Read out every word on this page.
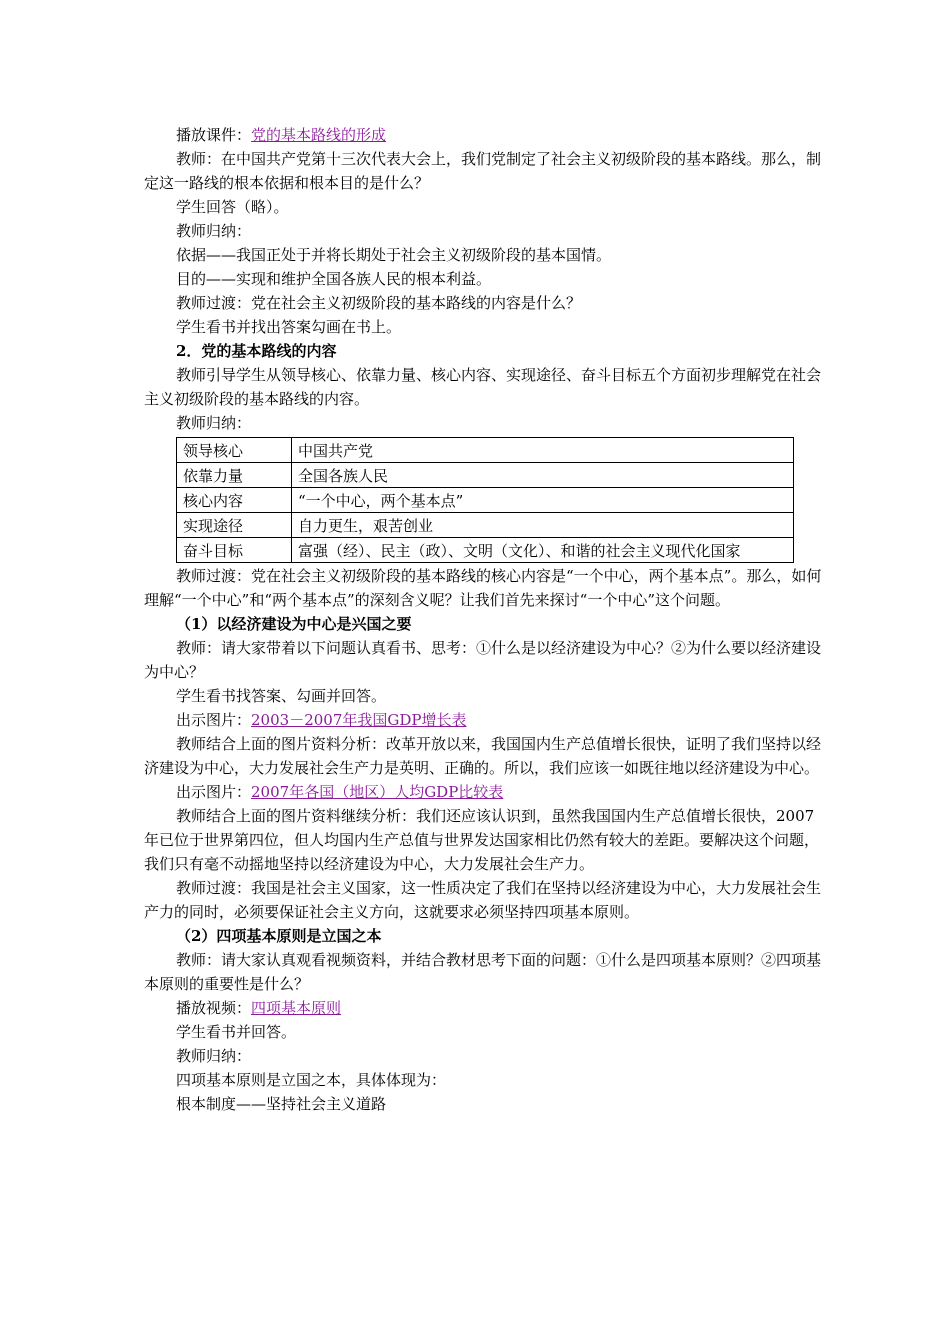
播放课件：党的基本路线的形成

教师：在中国共产党第十三次代表大会上，我们党制定了社会主义初级阶段的基本路线。那么，制定这一路线的根本依据和根本目的是什么？

学生回答（略）。

教师归纳：

依据——我国正处于并将长期处于社会主义初级阶段的基本国情。

目的——实现和维护全国各族人民的根本利益。

教师过渡：党在社会主义初级阶段的基本路线的内容是什么？

学生看书并找出答案勾画在书上。

2．党的基本路线的内容

教师引导学生从领导核心、依靠力量、核心内容、实现途径、奋斗目标五个方面初步理解党在社会主义初级阶段的基本路线的内容。

教师归纳：

领导核心	中国共产党
依靠力量	全国各族人民
核心内容	“一个中心，两个基本点”
实现途径	自力更生，艰苦创业
奋斗目标	富强（经）、民主（政）、文明（文化）、和谐的社会主义现代化国家

教师过渡：党在社会主义初级阶段的基本路线的核心内容是“一个中心，两个基本点”。那么，如何理解“一个中心”和“两个基本点”的深刻含义呢？让我们首先来探讨“一个中心”这个问题。

（1）以经济建设为中心是兴国之要

教师：请大家带着以下问题认真看书、思考：①什么是以经济建设为中心？②为什么要以经济建设为中心？

学生看书找答案、勾画并回答。

出示图片：2003－2007年我国GDP增长表

教师结合上面的图片资料分析：改革开放以来，我国国内生产总值增长很快，证明了我们坚持以经济建设为中心，大力发展社会生产力是英明、正确的。所以，我们应该一如既往地以经济建设为中心。

出示图片：2007年各国（地区）人均GDP比较表

教师结合上面的图片资料继续分析：我们还应该认识到，虽然我国国内生产总值增长很快，2007年已位于世界第四位，但人均国内生产总值与世界发达国家相比仍然有较大的差距。要解决这个问题，我们只有毫不动摇地坚持以经济建设为中心，大力发展社会生产力。

教师过渡：我国是社会主义国家，这一性质决定了我们在坚持以经济建设为中心，大力发展社会生产力的同时，必须要保证社会主义方向，这就要求必须坚持四项基本原则。

（2）四项基本原则是立国之本

教师：请大家认真观看视频资料，并结合教材思考下面的问题：①什么是四项基本原则？②四项基本原则的重要性是什么？

播放视频：四项基本原则

学生看书并回答。

教师归纳：

四项基本原则是立国之本，具体体现为：

根本制度——坚持社会主义道路
